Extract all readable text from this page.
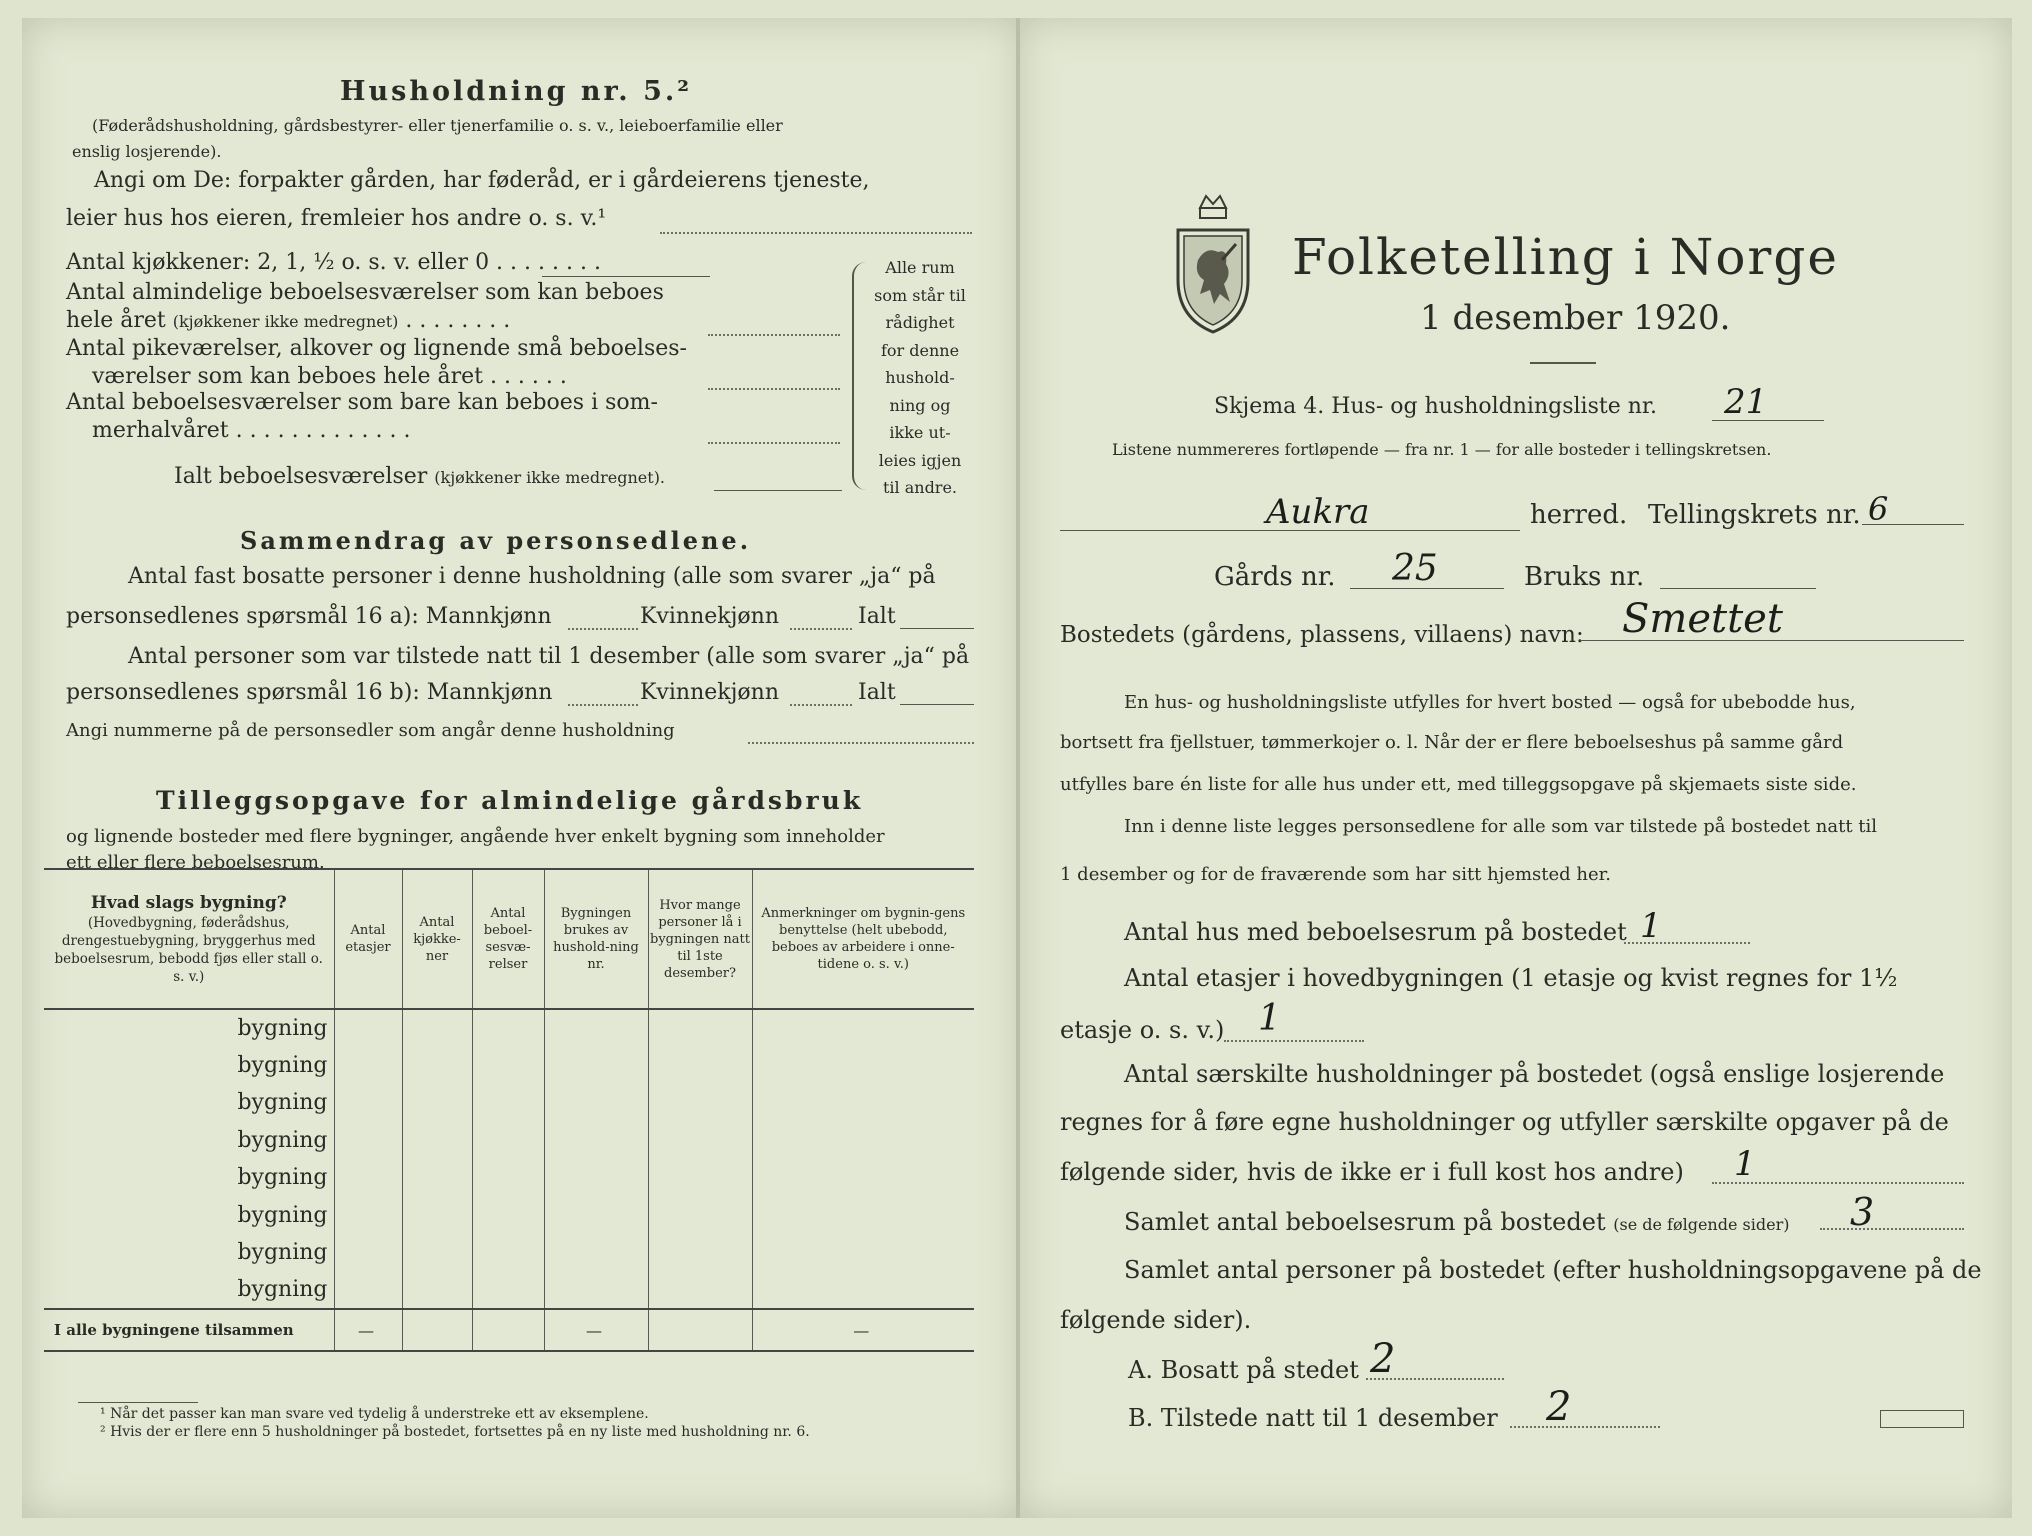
Husholdning nr. 5.²
(Føderådshusholdning, gårdsbestyrer- eller tjenerfamilie o. s. v., leieboerfamilie eller
enslig losjerende).
Angi om De: forpakter gården, har føderåd, er i gårdeierens tjeneste,
leier hus hos eieren, fremleier hos andre o. s. v.¹
Antal kjøkkener: 2, 1, ½ o. s. v. eller 0 . . . . . . . .
Antal almindelige beboelsesværelser som kan beboes
hele året (kjøkkener ikke medregnet) . . . . . . . .
Antal pikeværelser, alkover og lignende små beboelses-
værelser som kan beboes hele året . . . . . .
Antal beboelsesværelser som bare kan beboes i som-
merhalvåret . . . . . . . . . . . . .
Ialt beboelsesværelser (kjøkkener ikke medregnet).
Alle rum
som står til
rådighet
for denne
hushold-
ning og
ikke ut-
leies igjen
til andre.
Sammendrag av personsedlene.
Antal fast bosatte personer i denne husholdning (alle som svarer „ja“ på
personsedlenes spørsmål 16 a): Mannkjønn	Kvinnekjønn	Ialt
Antal personer som var tilstede natt til 1 desember (alle som svarer „ja“ på
personsedlenes spørsmål 16 b): Mannkjønn	Kvinnekjønn	Ialt
Angi nummerne på de personsedler som angår denne husholdning
Tilleggsopgave for almindelige gårdsbruk
og lignende bosteder med flere bygninger, angående hver enkelt bygning som inneholder
ett eller flere beboelsesrum.
Hvad slags bygning?
(Hovedbygning, føderådshus, drengestuebygning, bryggerhus med beboelsesrum, bebodd fjøs eller stall o. s. v.)	Antal etasjer	Antal kjøkke-ner	Antal beboel-sesvæ-relser	Bygningen brukes av hushold-ning nr.	Hvor mange personer lå i bygningen natt til 1ste desember?	Anmerkninger om bygnin-gens benyttelse (helt ubebodd, beboes av arbeidere i onne-tidene o. s. v.)
bygning						
bygning						
bygning						
bygning						
bygning						
bygning						
bygning						
bygning						
I alle bygningene tilsammen	—			—		—
¹ Når det passer kan man svare ved tydelig å understreke ett av eksemplene.
² Hvis der er flere enn 5 husholdninger på bostedet, fortsettes på en ny liste med husholdning nr. 6.
Folketelling i Norge
1 desember 1920.
Skjema 4. Hus- og husholdningsliste nr. 21
Listene nummereres fortløpende — fra nr. 1 — for alle bosteder i tellingskretsen.
Aukra	herred. Tellingskrets nr. 6
Gårds nr. 25	Bruks nr.
Bostedets (gårdens, plassens, villaens) navn: Smettet
En hus- og husholdningsliste utfylles for hvert bosted — også for ubebodde hus,
bortsett fra fjellstuer, tømmerkojer o. l. Når der er flere beboelseshus på samme gård
utfylles bare én liste for alle hus under ett, med tilleggsopgave på skjemaets siste side.
Inn i denne liste legges personsedlene for alle som var tilstede på bostedet natt til
1 desember og for de fraværende som har sitt hjemsted her.
Antal hus med beboelsesrum på bostedet 1
Antal etasjer i hovedbygningen (1 etasje og kvist regnes for 1½
etasje o. s. v.) 1
Antal særskilte husholdninger på bostedet (også enslige losjerende
regnes for å føre egne husholdninger og utfyller særskilte opgaver på de
følgende sider, hvis de ikke er i full kost hos andre) 1
Samlet antal beboelsesrum på bostedet (se de følgende sider) 3
Samlet antal personer på bostedet (efter husholdningsopgavene på de
følgende sider).
A. Bosatt på stedet 2
B. Tilstede natt til 1 desember 2
